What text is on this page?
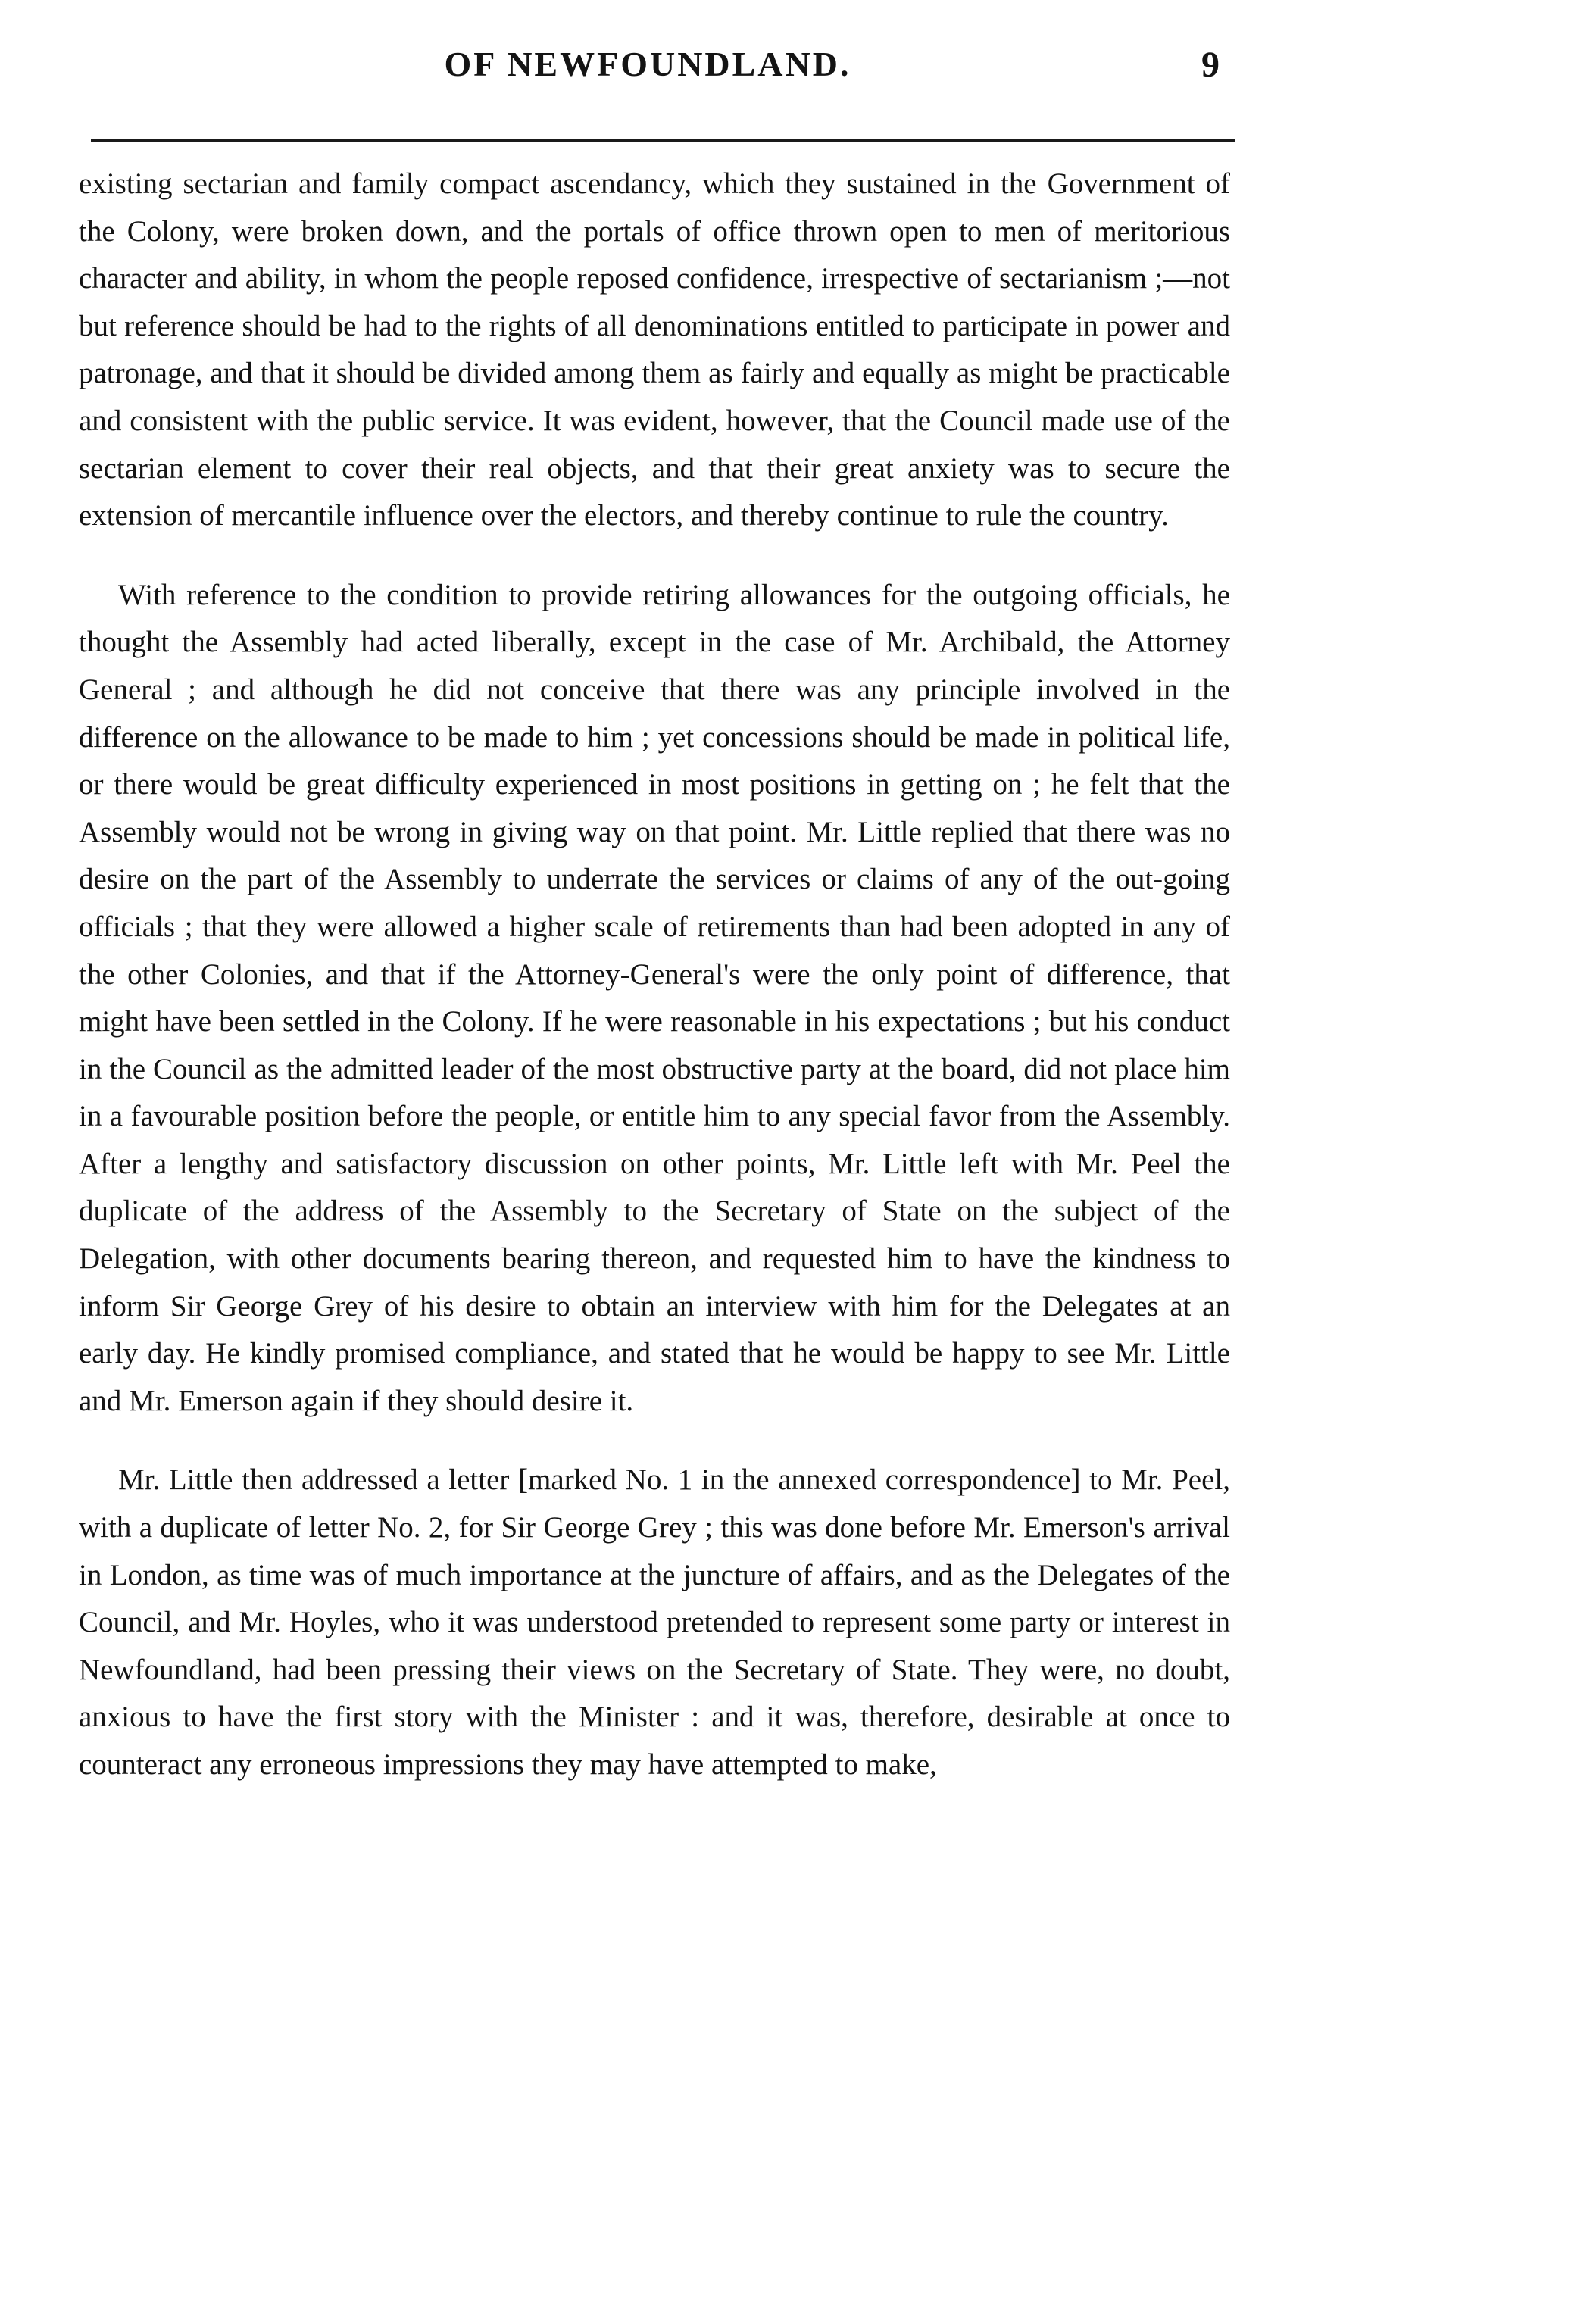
OF NEWFOUNDLAND.	9

existing sectarian and family compact ascendancy, which they sustained in the Government of the Colony, were broken down, and the portals of office thrown open to men of meritorious character and ability, in whom the people reposed confidence, irrespective of sectarianism ;—not but reference should be had to the rights of all denominations entitled to participate in power and patronage, and that it should be divided among them as fairly and equally as might be practicable and consistent with the public service. It was evident, however, that the Council made use of the sectarian element to cover their real objects, and that their great anxiety was to secure the extension of mercantile influence over the electors, and thereby continue to rule the country.

With reference to the condition to provide retiring allowances for the outgoing officials, he thought the Assembly had acted liberally, except in the case of Mr. Archibald, the Attorney General ; and although he did not conceive that there was any principle involved in the difference on the allowance to be made to him ; yet concessions should be made in political life, or there would be great difficulty experienced in most positions in getting on ; he felt that the Assembly would not be wrong in giving way on that point. Mr. Little replied that there was no desire on the part of the Assembly to underrate the services or claims of any of the out-going officials ; that they were allowed a higher scale of retirements than had been adopted in any of the other Colonies, and that if the Attorney-General's were the only point of difference, that might have been settled in the Colony. If he were reasonable in his expectations ; but his conduct in the Council as the admitted leader of the most obstructive party at the board, did not place him in a favourable position before the people, or entitle him to any special favor from the Assembly. After a lengthy and satisfactory discussion on other points, Mr. Little left with Mr. Peel the duplicate of the address of the Assembly to the Secretary of State on the subject of the Delegation, with other documents bearing thereon, and requested him to have the kindness to inform Sir George Grey of his desire to obtain an interview with him for the Delegates at an early day. He kindly promised compliance, and stated that he would be happy to see Mr. Little and Mr. Emerson again if they should desire it.

Mr. Little then addressed a letter [marked No. 1 in the annexed correspondence] to Mr. Peel, with a duplicate of letter No. 2, for Sir George Grey ; this was done before Mr. Emerson's arrival in London, as time was of much importance at the juncture of affairs, and as the Delegates of the Council, and Mr. Hoyles, who it was understood pretended to represent some party or interest in Newfoundland, had been pressing their views on the Secretary of State. They were, no doubt, anxious to have the first story with the Minister : and it was, therefore, desirable at once to counteract any erroneous impressions they may have attempted to make,
